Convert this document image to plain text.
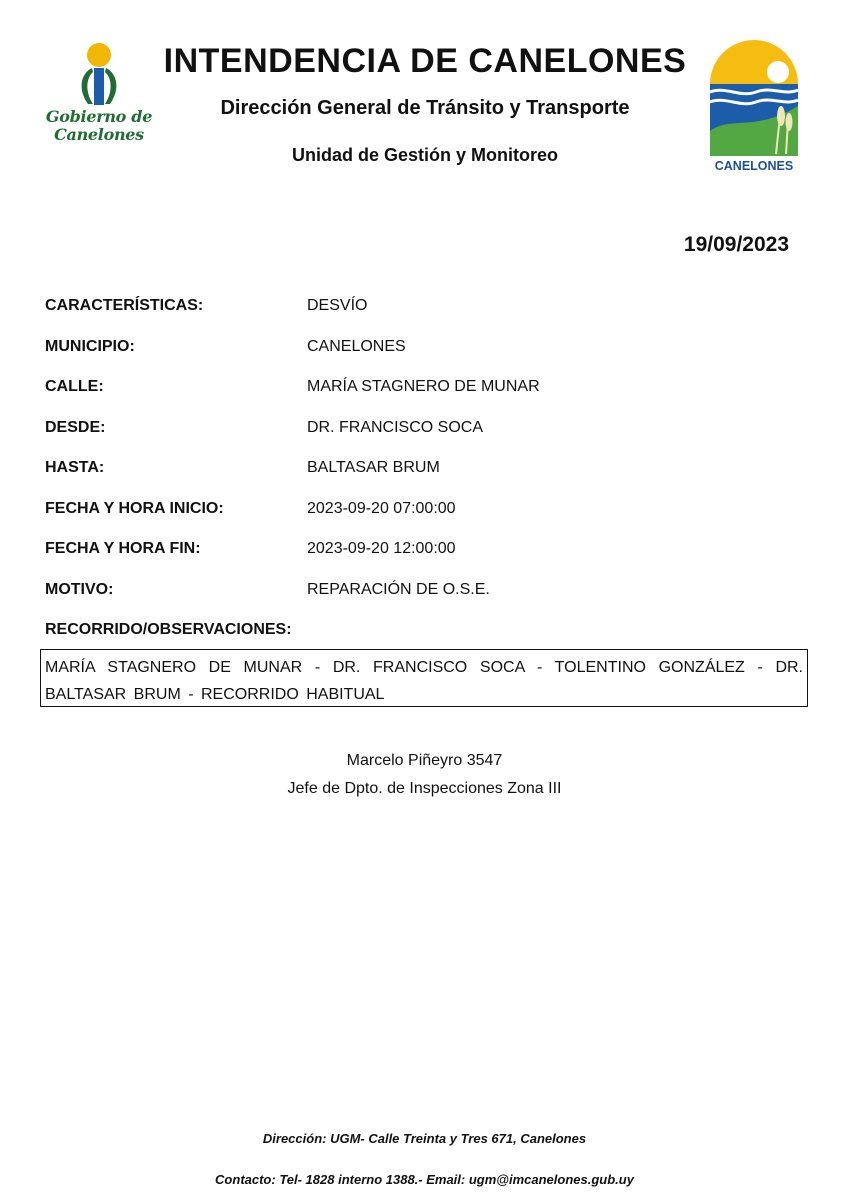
Gobierno de
Canelones
INTENDENCIA DE CANELONES
Dirección General de Tránsito y Transporte
Unidad de Gestión y Monitoreo
CANELONES
19/09/2023
CARACTERÍSTICAS:	DESVÍO
MUNICIPIO:	CANELONES
CALLE:	MARÍA STAGNERO DE MUNAR
DESDE:	DR. FRANCISCO SOCA
HASTA:	BALTASAR BRUM
FECHA Y HORA INICIO:	2023-09-20 07:00:00
FECHA Y HORA FIN:	2023-09-20 12:00:00
MOTIVO:	REPARACIÓN DE O.S.E.
RECORRIDO/OBSERVACIONES:
MARÍA STAGNERO DE MUNAR - DR. FRANCISCO SOCA - TOLENTINO GONZÁLEZ - DR. BALTASAR BRUM - RECORRIDO HABITUAL
Marcelo Piñeyro 3547
Jefe de Dpto. de Inspecciones Zona III
Dirección: UGM- Calle Treinta y Tres 671, Canelones
Contacto: Tel- 1828 interno 1388.- Email: ugm@imcanelones.gub.uy
